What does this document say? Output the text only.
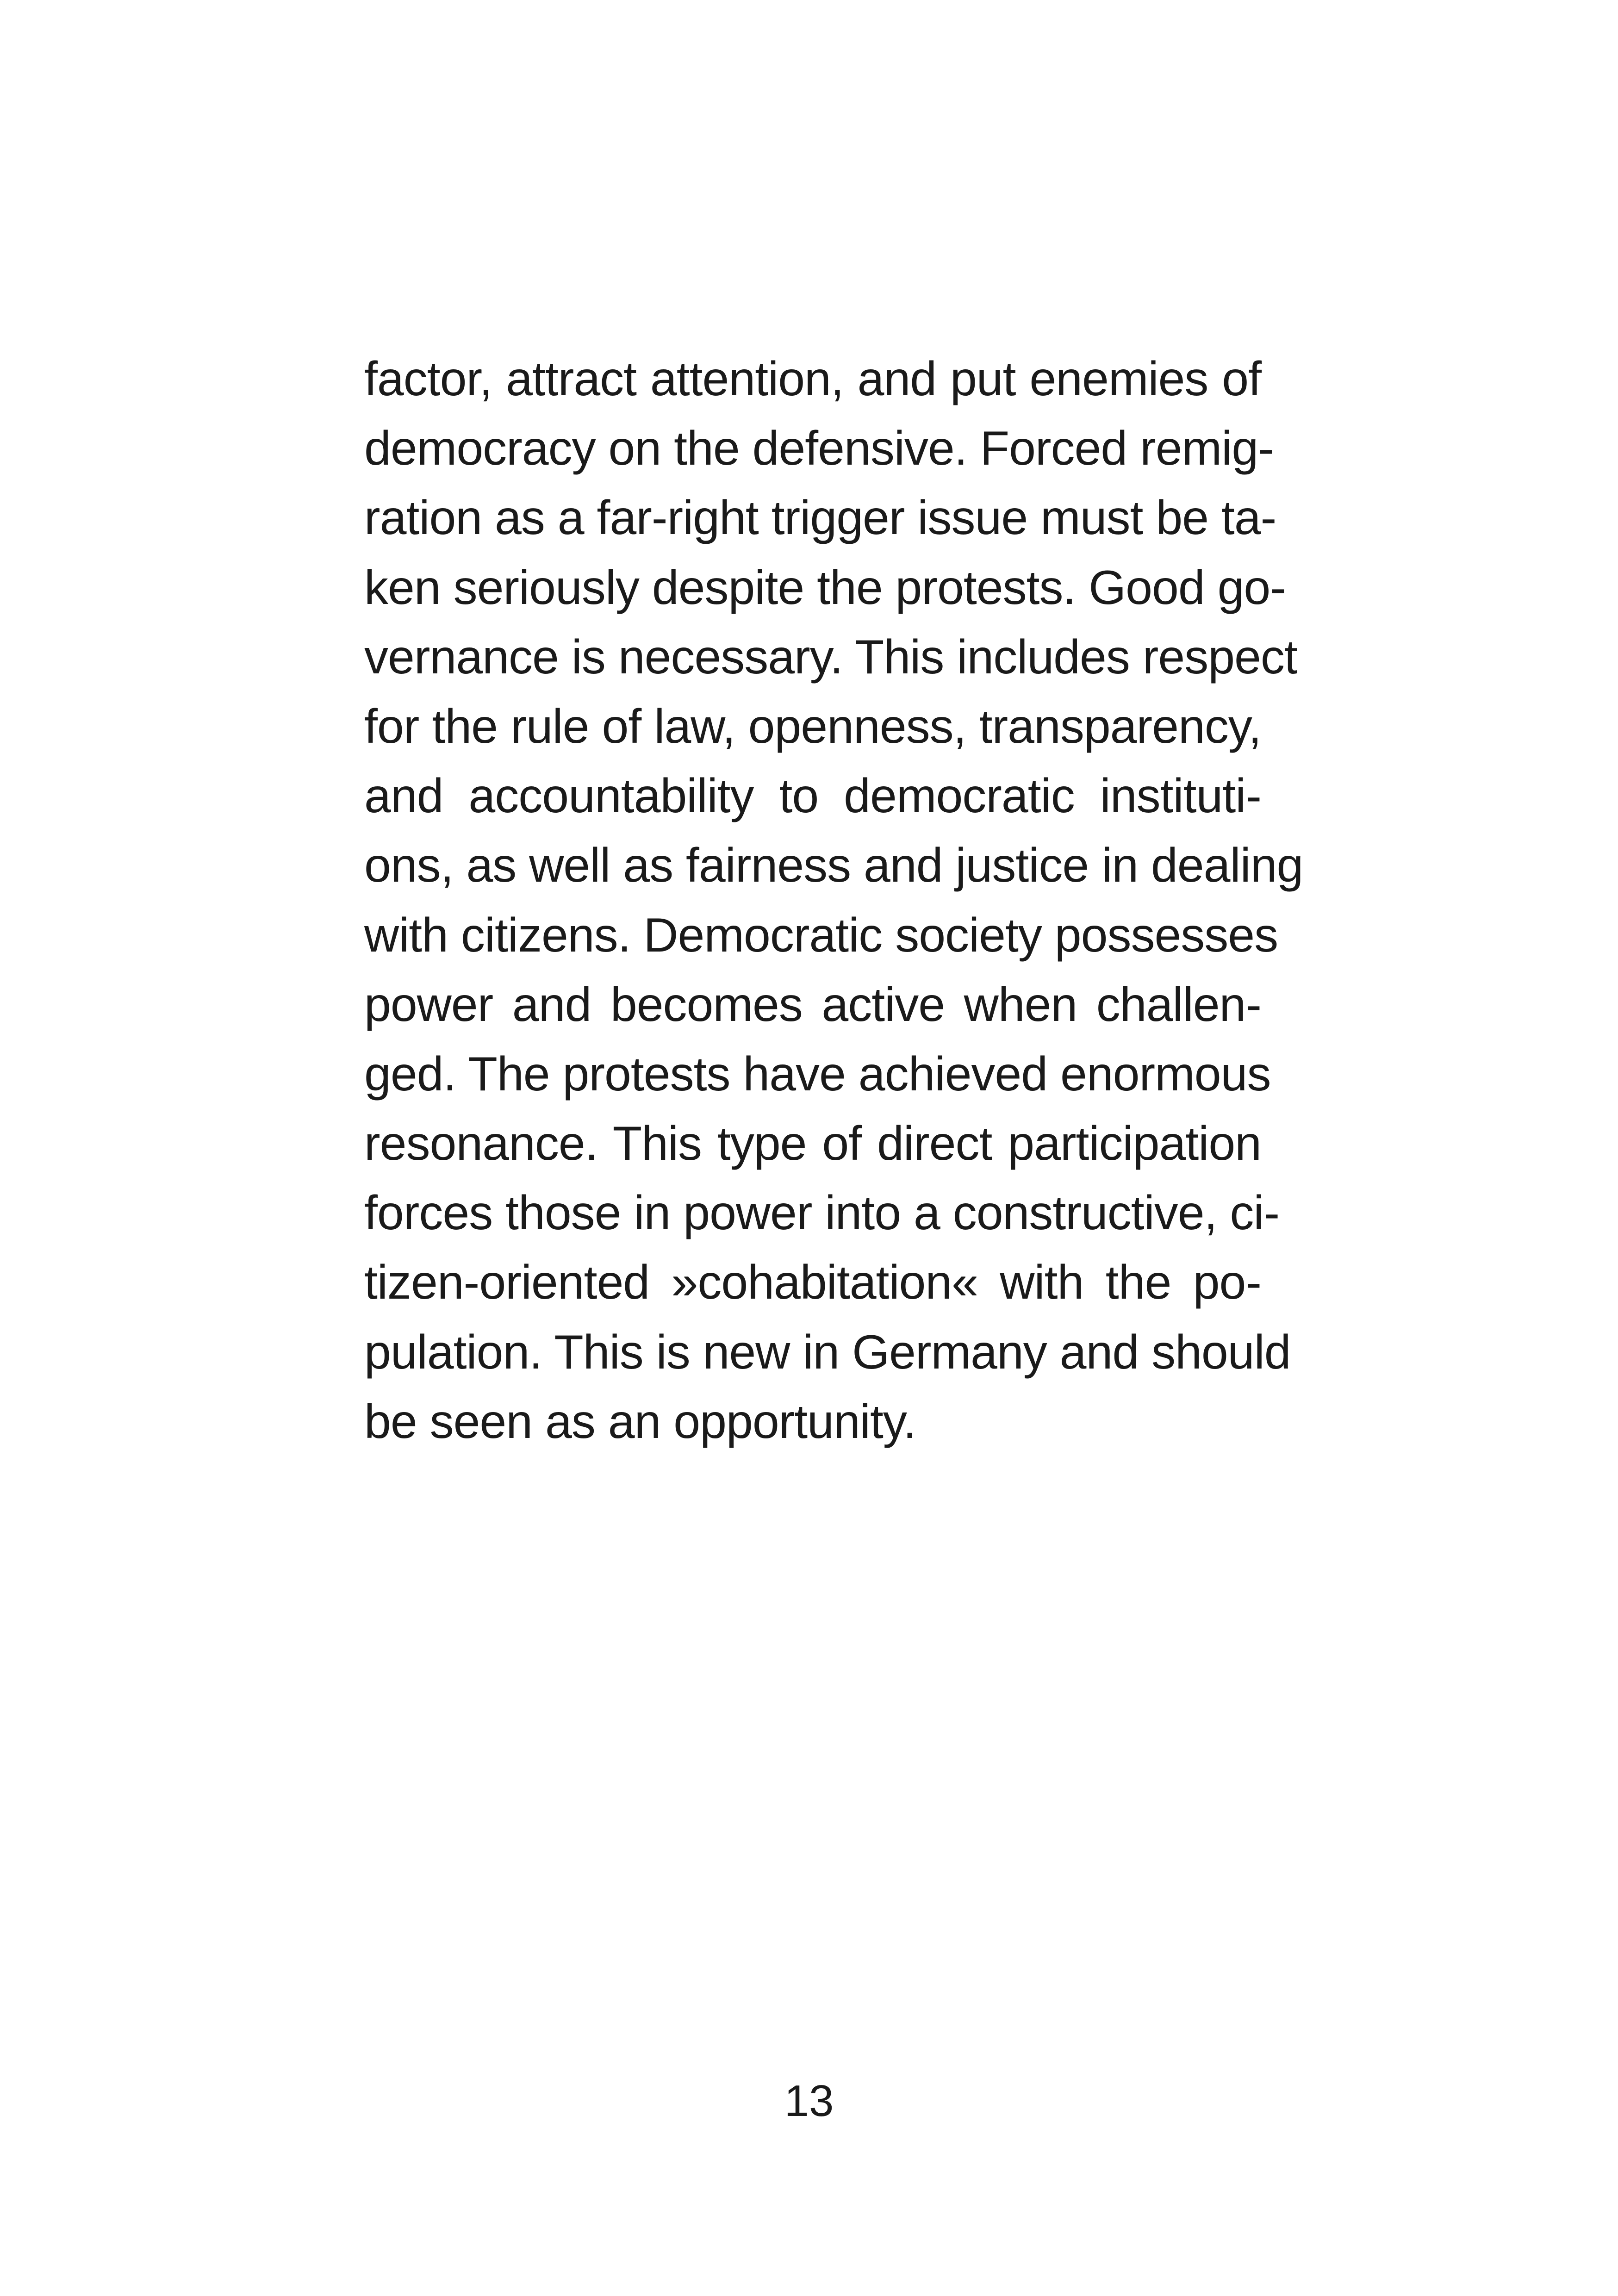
factor, attract attention, and put enemies of
democracy on the defensive. Forced remig-
ration as a far-right trigger issue must be ta-
ken seriously despite the protests. Good go-
vernance is necessary. This includes respect
for the rule of law, openness, transparency,
and accountability to democratic instituti-
ons, as well as fairness and justice in dealing
with citizens. Democratic society possesses
power and becomes active when challen-
ged. The protests have achieved enormous
resonance. This type of direct participation
forces those in power into a constructive, ci-
tizen-oriented »cohabitation« with the po-
pulation. This is new in Germany and should
be seen as an opportunity.
13
